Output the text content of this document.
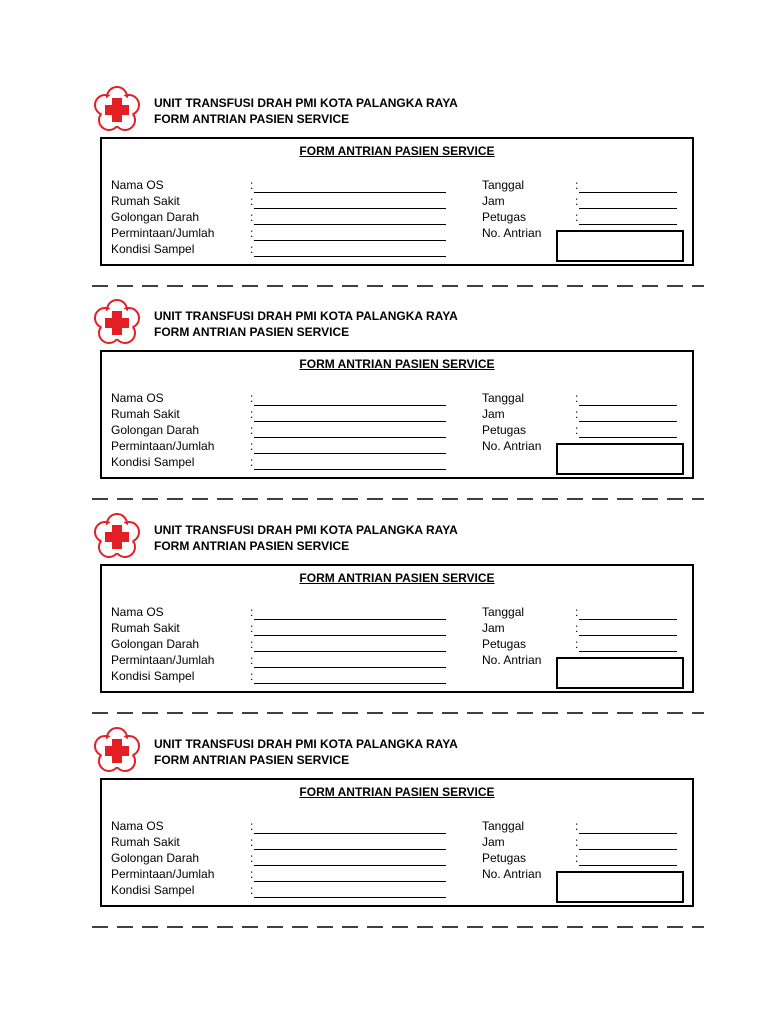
UNIT TRANSFUSI DRAH PMI KOTA PALANGKA RAYA
FORM ANTRIAN PASIEN SERVICE
FORM ANTRIAN PASIEN SERVICE
Nama OS
Rumah Sakit
Golongan Darah
Permintaan/Jumlah
Kondisi Sampel
:
:
:
:
:
Tanggal
Jam
Petugas
No. Antrian
:
:
:
UNIT TRANSFUSI DRAH PMI KOTA PALANGKA RAYA
FORM ANTRIAN PASIEN SERVICE
FORM ANTRIAN PASIEN SERVICE
Nama OS
Rumah Sakit
Golongan Darah
Permintaan/Jumlah
Kondisi Sampel
:
:
:
:
:
Tanggal
Jam
Petugas
No. Antrian
:
:
:
UNIT TRANSFUSI DRAH PMI KOTA PALANGKA RAYA
FORM ANTRIAN PASIEN SERVICE
FORM ANTRIAN PASIEN SERVICE
Nama OS
Rumah Sakit
Golongan Darah
Permintaan/Jumlah
Kondisi Sampel
:
:
:
:
:
Tanggal
Jam
Petugas
No. Antrian
:
:
:
UNIT TRANSFUSI DRAH PMI KOTA PALANGKA RAYA
FORM ANTRIAN PASIEN SERVICE
FORM ANTRIAN PASIEN SERVICE
Nama OS
Rumah Sakit
Golongan Darah
Permintaan/Jumlah
Kondisi Sampel
:
:
:
:
:
Tanggal
Jam
Petugas
No. Antrian
:
:
:
